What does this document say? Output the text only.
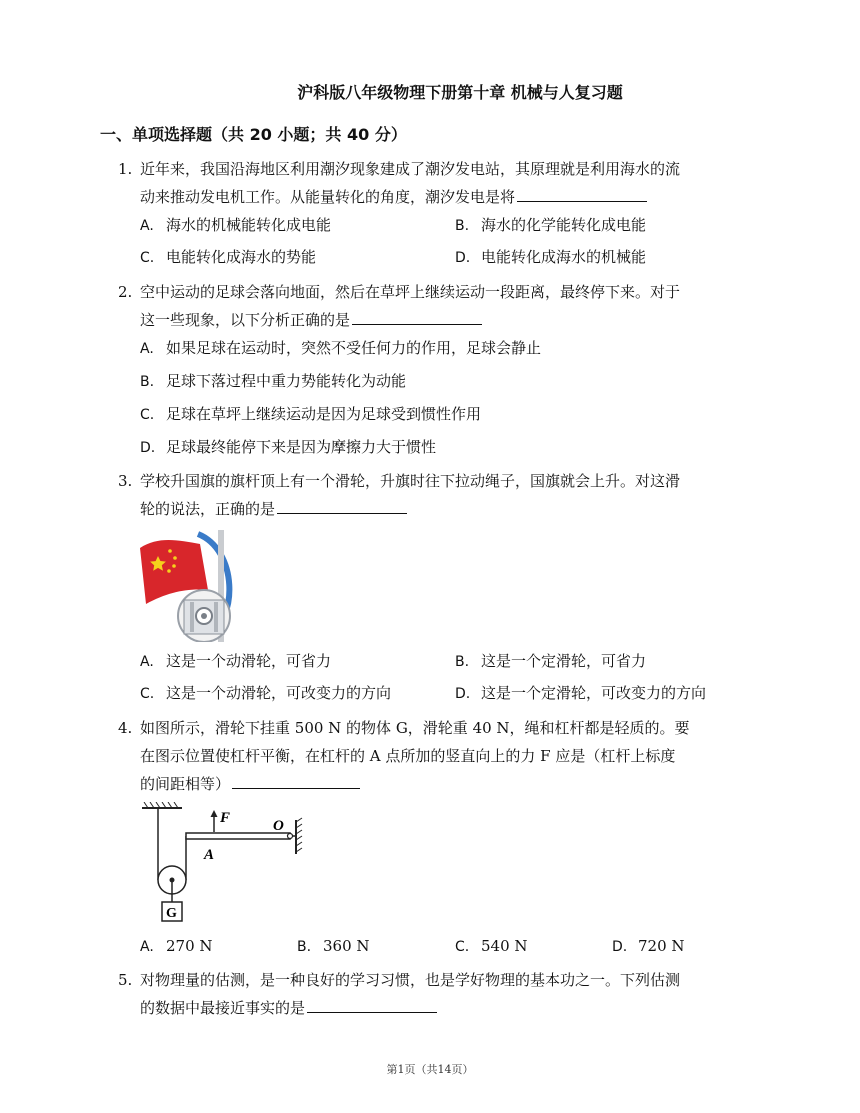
沪科版八年级物理下册第十章 机械与人复习题
一、单项选择题（共 20 小题；共 40 分）
1. 近年来，我国沿海地区利用潮汐现象建成了潮汐发电站，其原理就是利用海水的流
动来推动发电机工作。从能量转化的角度，潮汐发电是将
A. 海水的机械能转化成电能	B. 海水的化学能转化成电能
C. 电能转化成海水的势能	D. 电能转化成海水的机械能
2. 空中运动的足球会落向地面，然后在草坪上继续运动一段距离，最终停下来。对于
这一些现象，以下分析正确的是
A. 如果足球在运动时，突然不受任何力的作用，足球会静止
B. 足球下落过程中重力势能转化为动能
C. 足球在草坪上继续运动是因为足球受到惯性作用
D. 足球最终能停下来是因为摩擦力大于惯性
3. 学校升国旗的旗杆顶上有一个滑轮，升旗时往下拉动绳子，国旗就会上升。对这滑
轮的说法，正确的是
A. 这是一个动滑轮，可省力	B. 这是一个定滑轮，可省力
C. 这是一个动滑轮，可改变力的方向	D. 这是一个定滑轮，可改变力的方向
4. 如图所示，滑轮下挂重 500 N 的物体 G，滑轮重 40 N，绳和杠杆都是轻质的。要
在图示位置使杠杆平衡，在杠杆的 A 点所加的竖直向上的力 F 应是（杠杆上标度
的间距相等）
F	O
A
G
A. 270 N	B. 360 N	C. 540 N	D. 720 N
5. 对物理量的估测，是一种良好的学习习惯，也是学好物理的基本功之一。下列估测
的数据中最接近事实的是
第1页（共14页）
